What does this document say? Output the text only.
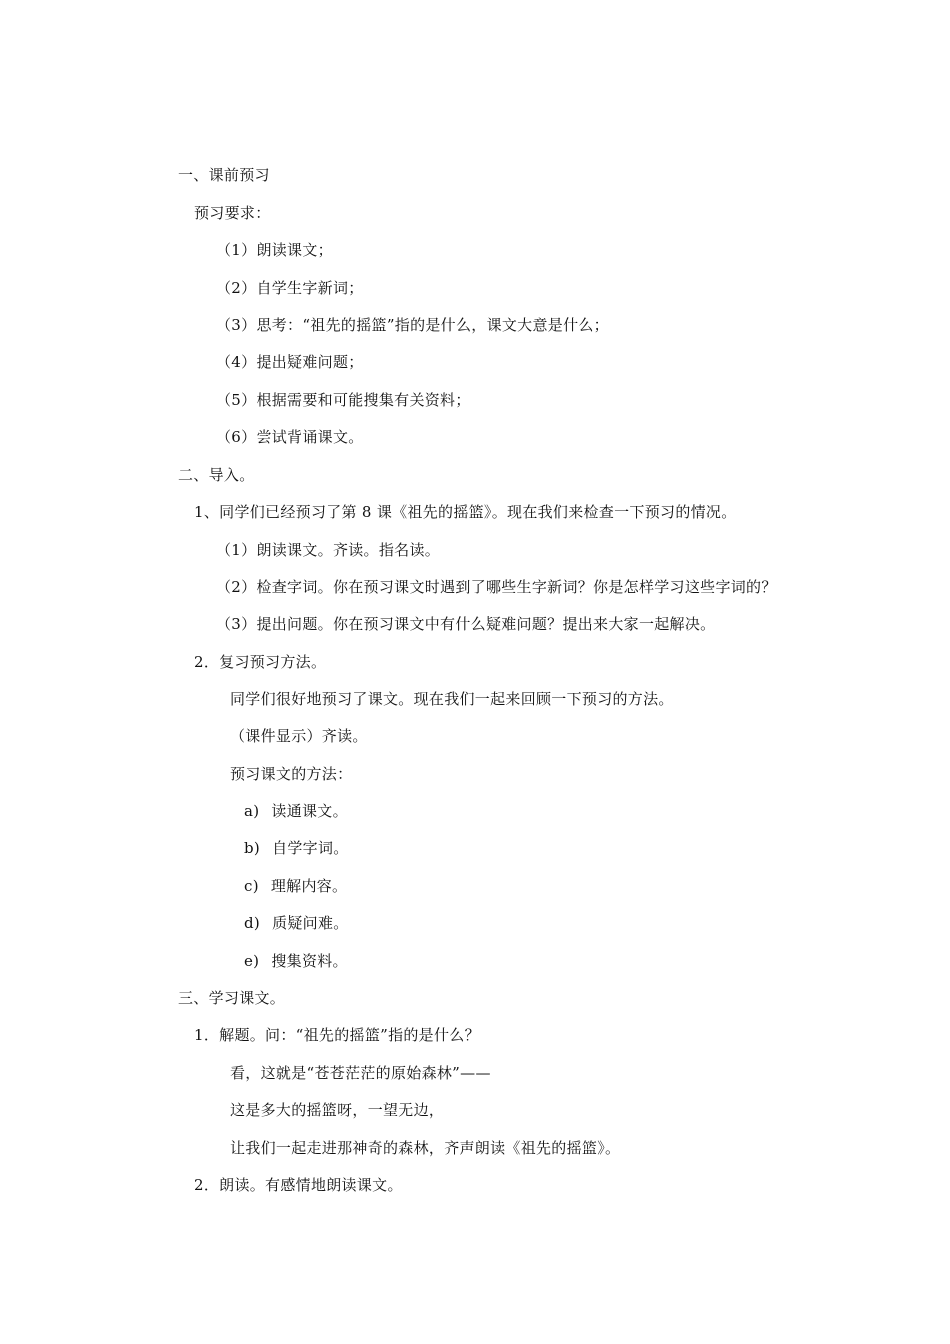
一、课前预习
预习要求：
（1）朗读课文；
（2）自学生字新词；
（3）思考：“祖先的摇篮”指的是什么，课文大意是什么；
（4）提出疑难问题；
（5）根据需要和可能搜集有关资料；
（6）尝试背诵课文。
二、导入。
1、同学们已经预习了第 8 课《祖先的摇篮》。现在我们来检查一下预习的情况。
（1）朗读课文。齐读。指名读。
（2）检查字词。你在预习课文时遇到了哪些生字新词？你是怎样学习这些字词的？
（3）提出问题。你在预习课文中有什么疑难问题？提出来大家一起解决。
2．复习预习方法。
同学们很好地预习了课文。现在我们一起来回顾一下预习的方法。
（课件显示）齐读。
预习课文的方法：
a) 读通课文。
b) 自学字词。
c) 理解内容。
d) 质疑问难。
e) 搜集资料。
三、学习课文。
1．解题。问：“祖先的摇篮”指的是什么？
看，这就是“苍苍茫茫的原始森林”——
这是多大的摇篮呀，一望无边，
让我们一起走进那神奇的森林，齐声朗读《祖先的摇篮》。
2．朗读。有感情地朗读课文。
